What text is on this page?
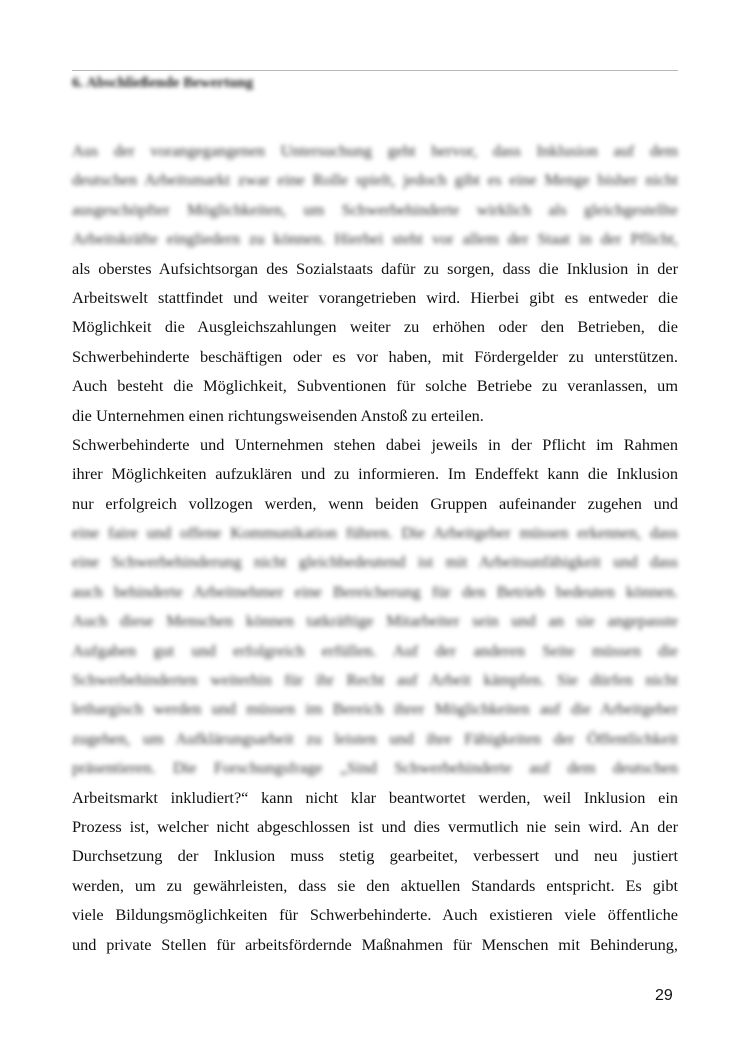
6. Abschließende Bewertung
Aus der vorangegangenen Untersuchung geht hervor, dass Inklusion auf dem
deutschen Arbeitsmarkt zwar eine Rolle spielt, jedoch gibt es eine Menge bisher nicht
ausgeschöpfter Möglichkeiten, um Schwerbehinderte wirklich als gleichgestellte
Arbeitskräfte eingliedern zu können. Hierbei steht vor allem der Staat in der Pflicht,
als oberstes Aufsichtsorgan des Sozialstaats dafür zu sorgen, dass die Inklusion in der
Arbeitswelt stattfindet und weiter vorangetrieben wird. Hierbei gibt es entweder die
Möglichkeit die Ausgleichszahlungen weiter zu erhöhen oder den Betrieben, die
Schwerbehinderte beschäftigen oder es vor haben, mit Fördergelder zu unterstützen.
Auch besteht die Möglichkeit, Subventionen für solche Betriebe zu veranlassen, um
die Unternehmen einen richtungsweisenden Anstoß zu erteilen.
Schwerbehinderte und Unternehmen stehen dabei jeweils in der Pflicht im Rahmen
ihrer Möglichkeiten aufzuklären und zu informieren. Im Endeffekt kann die Inklusion
nur erfolgreich vollzogen werden, wenn beiden Gruppen aufeinander zugehen und
eine faire und offene Kommunikation führen. Die Arbeitgeber müssen erkennen, dass
eine Schwerbehinderung nicht gleichbedeutend ist mit Arbeitsunfähigkeit und dass
auch behinderte Arbeitnehmer eine Bereicherung für den Betrieb bedeuten können.
Auch diese Menschen können tatkräftige Mitarbeiter sein und an sie angepasste
Aufgaben gut und erfolgreich erfüllen. Auf der anderen Seite müssen die
Schwerbehinderten weiterhin für ihr Recht auf Arbeit kämpfen. Sie dürfen nicht
lethargisch werden und müssen im Bereich ihrer Möglichkeiten auf die Arbeitgeber
zugehen, um Aufklärungsarbeit zu leisten und ihre Fähigkeiten der Öffentlichkeit
präsentieren. Die Forschungsfrage „Sind Schwerbehinderte auf dem deutschen
Arbeitsmarkt inkludiert?“ kann nicht klar beantwortet werden, weil Inklusion ein
Prozess ist, welcher nicht abgeschlossen ist und dies vermutlich nie sein wird. An der
Durchsetzung der Inklusion muss stetig gearbeitet, verbessert und neu justiert
werden, um zu gewährleisten, dass sie den aktuellen Standards entspricht. Es gibt
viele Bildungsmöglichkeiten für Schwerbehinderte. Auch existieren viele öffentliche
und private Stellen für arbeitsfördernde Maßnahmen für Menschen mit Behinderung,
29
